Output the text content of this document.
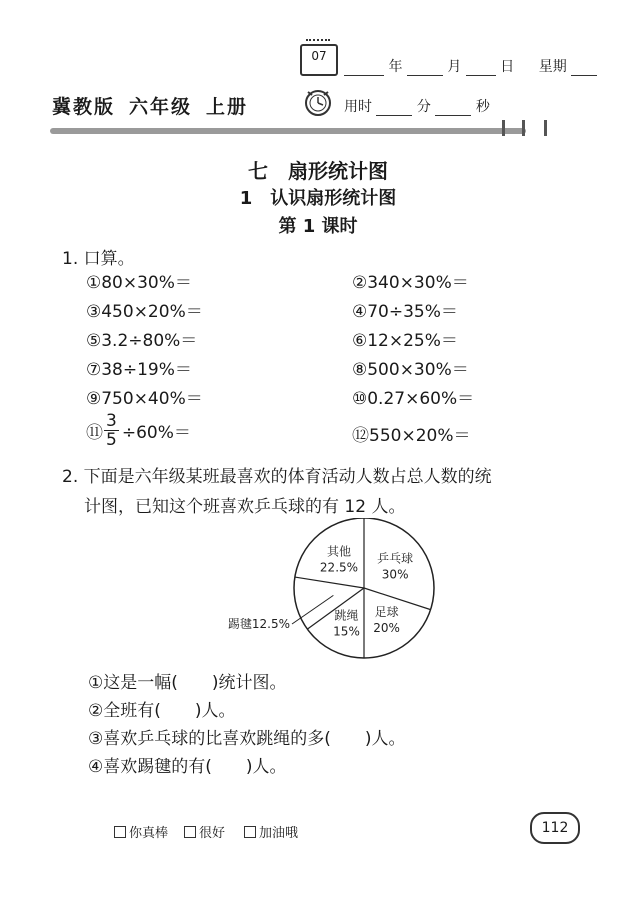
07
年	月	日 星期
冀教版 六年级 上册	用时	分	秒
七　扇形统计图
1　认识扇形统计图
第 1 课时
1. 口算。
①80×30%＝	②340×30%＝
③450×20%＝	④70÷35%＝
⑤3.2÷80%＝	⑥12×25%＝
⑦38÷19%＝	⑧500×30%＝
⑨750×40%＝	⑩0.27×60%＝
⑪ $\frac{3}{5} \div 60\%=$	⑫550×20%＝
2. 下面是六年级某班最喜欢的体育活动人数占总人数的统
计图，已知这个班喜欢乒乓球的有 12 人。
乒乓球
30%
足球
20%
跳绳
15%
踢毽12.5%
其他
22.5%
①这是一幅(　　)统计图。
②全班有(　　)人。
③喜欢乒乓球的比喜欢跳绳的多(　　)人。
④喜欢踢毽的有(　　)人。
你真棒	很好	加油哦	112
